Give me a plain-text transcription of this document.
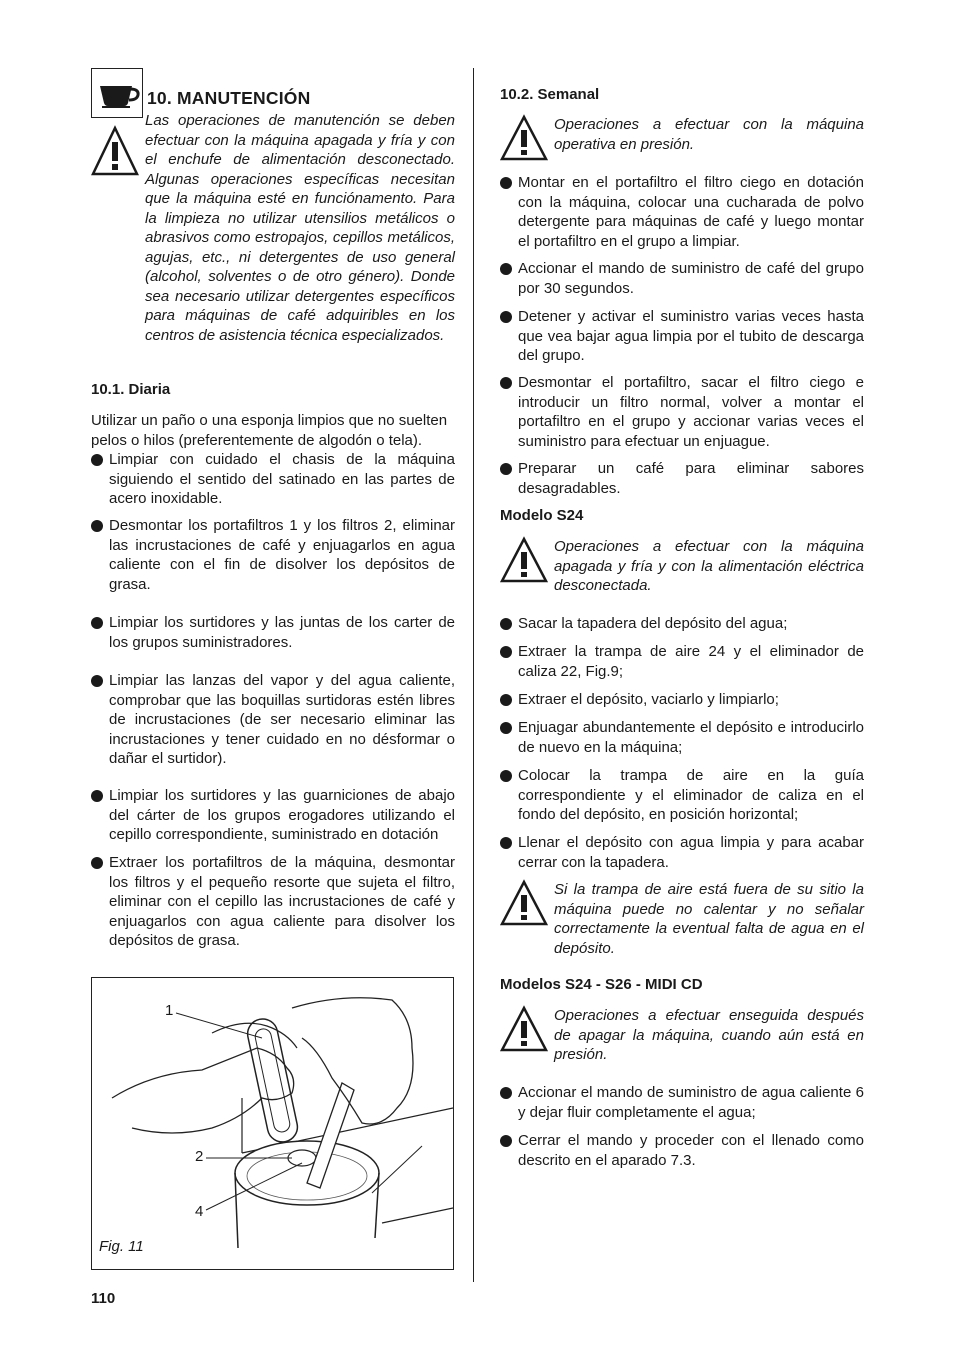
10. MANUTENCIÓN
Las operaciones de manutención se deben efectuar con la máquina apagada y fría y con el enchufe de alimentación desconectado. Algunas operaciones específicas necesitan que la máquina esté en funciónamento. Para la limpieza no utilizar utensilios metálicos o abrasivos como estropajos, cepillos metálicos, agujas, etc., ni detergentes de uso general (alcohol, solventes o de otro género). Donde sea necesario utilizar detergentes específicos para máquinas de café adquiribles en los centros de asistencia técnica especializados.
10.1. Diaria
Utilizar un paño o una esponja limpios que no suelten pelos o hilos (preferentemente de algodón o tela).
Limpiar con cuidado el chasis de la máquina siguiendo el sentido del satinado en las partes de acero inoxidable.
Desmontar los portafiltros 1 y los filtros 2, eliminar las incrustaciones de café y enjuagarlos en agua caliente con el fin de disolver los depósitos de grasa.
Limpiar los surtidores y las juntas de los carter de los grupos suministradores.
Limpiar las lanzas del vapor y del agua caliente, comprobar que las boquillas surtidoras estén libres de incrustaciones (de ser necesario eliminar las incrustaciones y tener cuidado en no désformar o dañar el surtidor).
Limpiar los surtidores y las guarniciones de abajo del cárter de los grupos erogadores utilizando el cepillo correspondiente, suministrado en dotación
Extraer los portafiltros de la máquina, desmontar los filtros y el pequeño resorte que sujeta el filtro, eliminar con el cepillo las incrustaciones de café y enjuagarlos con agua caliente para disolver los depósitos de grasa.
1
2
4
Fig. 11
110
10.2. Semanal
Operaciones a efectuar con la máquina operativa en presión.
Montar en el portafiltro el filtro ciego en dotación con la máquina, colocar una cucharada de polvo detergente para máquinas de café y luego montar el portafiltro en el grupo a limpiar.
Accionar el mando de suministro de café del grupo por 30 segundos.
Detener y activar el suministro varias veces hasta que vea bajar agua limpia por el tubito de descarga del grupo.
Desmontar el portafiltro, sacar el filtro ciego e introducir un filtro normal, volver a montar el portafiltro en el grupo y accionar varias veces el suministro para efectuar un enjuague.
Preparar un café para eliminar sabores desagradables.
Modelo S24
Operaciones a efectuar con la máquina apagada y fría y con la alimentación eléctrica desconectada.
Sacar la tapadera del depósito del agua;
Extraer la trampa de aire 24 y el eliminador de caliza 22, Fig.9;
Extraer el depósito, vaciarlo y limpiarlo;
Enjuagar abundantemente el depósito e introducirlo de nuevo en la máquina;
Colocar la trampa de aire en la guía correspondiente y el eliminador de caliza en el fondo del depósito, en posición horizontal;
Llenar el depósito con agua limpia y para acabar cerrar con la tapadera.
Si la trampa de aire está fuera de su sitio la máquina puede no calentar y no señalar correctamente la eventual falta de agua en el depósito.
Modelos S24 - S26 - MIDI CD
Operaciones a efectuar enseguida después de apagar la máquina, cuando aún está en presión.
Accionar el mando de suministro de agua caliente 6 y dejar fluir completamente el agua;
Cerrar el mando y proceder con el llenado como descrito en el aparado 7.3.
